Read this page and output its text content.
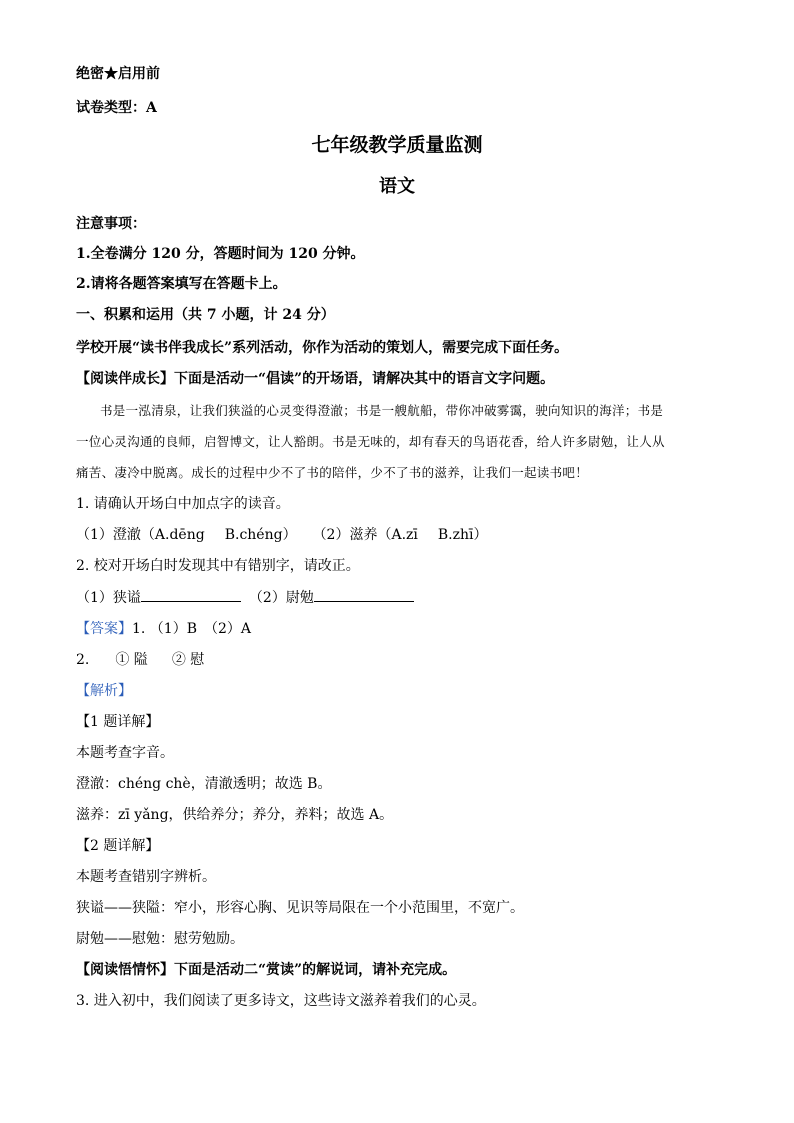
绝密★启用前
试卷类型：A
七年级教学质量监测
语文
注意事项：
1.全卷满分 120 分，答题时间为 120 分钟。
2.请将各题答案填写在答题卡上。
一、积累和运用（共 7 小题，计 24 分）
学校开展“读书伴我成长”系列活动，你作为活动的策划人，需要完成下面任务。
【阅读伴成长】下面是活动一“倡读”的开场语，请解决其中的语言文字问题。
书是一泓清泉，让我们狭溢的心灵变得澄澈；书是一艘航船，带你冲破雾霭，驶向知识的海洋；书是
一位心灵沟通的良师，启智博文，让人豁朗。书是无味的，却有春天的鸟语花香，给人许多尉勉，让人从
痛苦、凄冷中脱离。成长的过程中少不了书的陪伴，少不了书的滋养，让我们一起读书吧！
1. 请确认开场白中加点字的读音。
（1）澄澈（A.dēng B.chéng） （2）滋养（A.zī B.zhī）
2. 校对开场白时发现其中有错别字，请改正。
（1）狭谥	（2）尉勉
【答案】1. （1）B　（2）A
2. ① 隘 ② 慰
【解析】
【1 题详解】
本题考查字音。
澄澈：chéng chè，清澈透明；故选 B。
滋养：zī yǎng，供给养分；养分，养料；故选 A。
【2 题详解】
本题考查错别字辨析。
狭谥——狭隘：窄小，形容心胸、见识等局限在一个小范围里，不宽广。
尉勉——慰勉：慰劳勉励。
【阅读悟情怀】下面是活动二“赏读”的解说词，请补充完成。
3. 进入初中，我们阅读了更多诗文，这些诗文滋养着我们的心灵。
